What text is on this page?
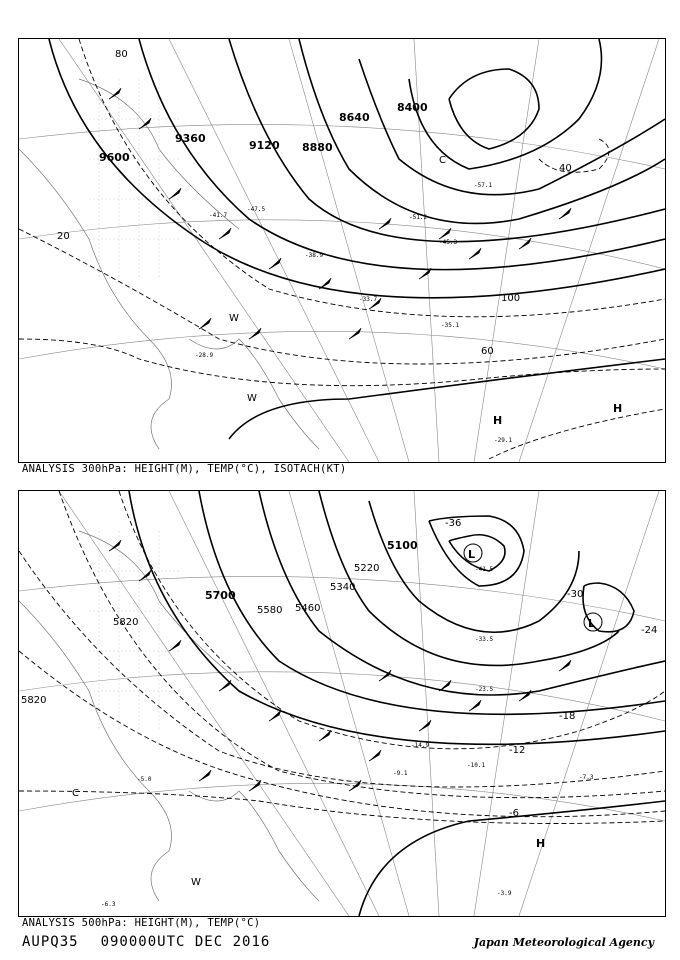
9600
9360
9120 8880
8640
8400
20
40
60
80
100
H
H
C
W
W
-29.1
-33.7
-38.9
-41.7
-47.5
-51.2
-57.1
-28.9
-35.1
-45.3
ANALYSIS 300hPa: HEIGHT(M), TEMP(°C), ISOTACH(KT)
5820
5700
5580 5460
5340
5220
5100
5820
-36
-30
-24
-18
-12
-6
L
L
H
C
W
-41.5
-14.9
-10.1
-9.1
-7.3
-3.9
-5.0
-6.3
-23.5
-33.5
ANALYSIS 500hPa: HEIGHT(M), TEMP(°C)
AUPQ35 090000UTC DEC 2016	Japan Meteorological Agency
